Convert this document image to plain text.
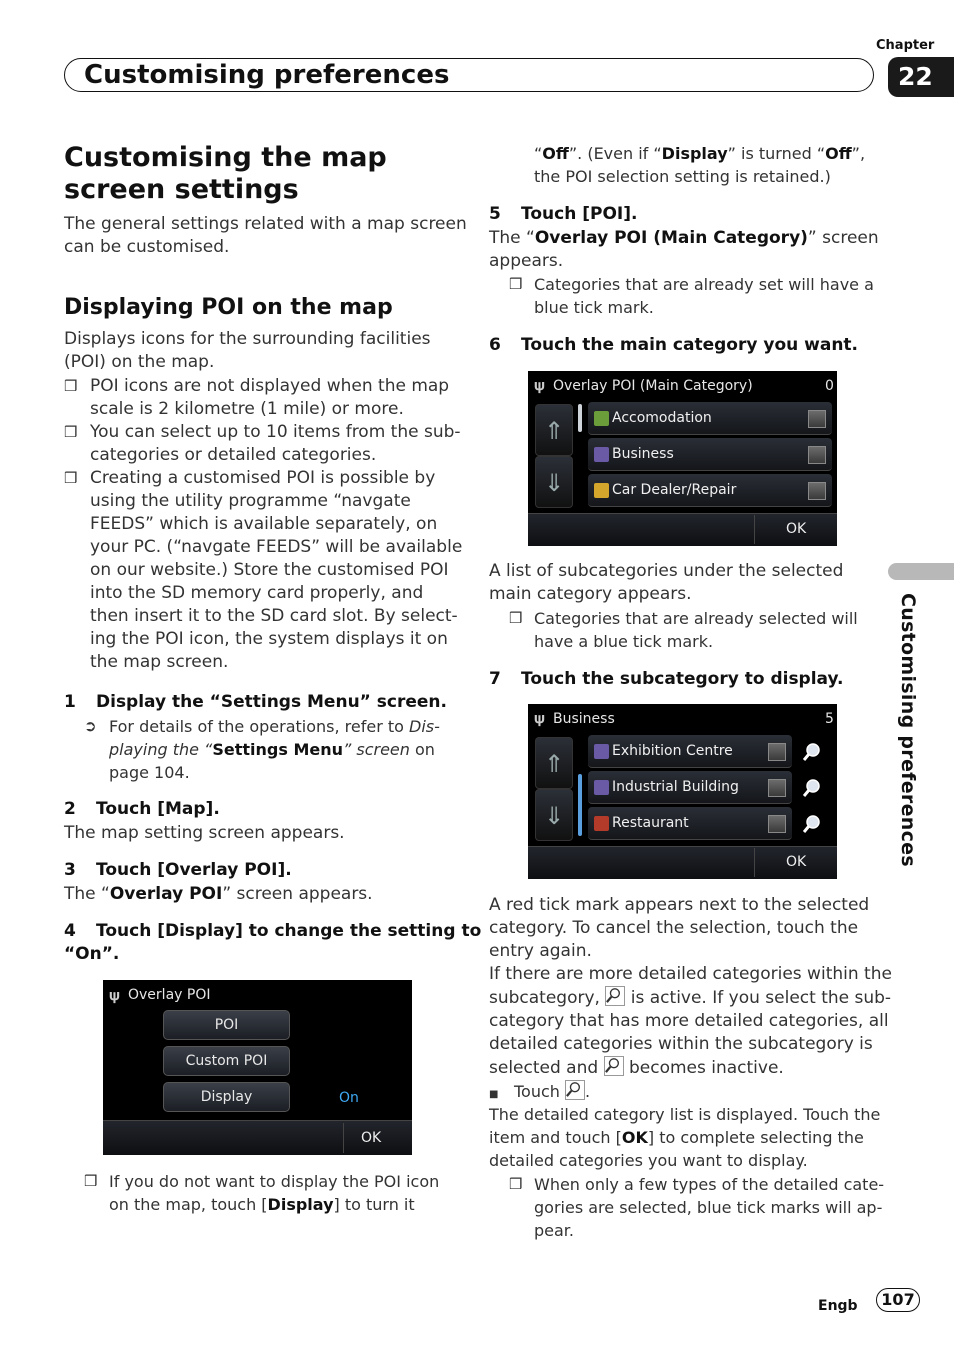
Chapter
22
Customising preferences
Customising preferences
Customising the map
screen settings
The general settings related with a map screen
can be customised.
Displaying POI on the map
Displays icons for the surrounding facilities
(POI) on the map.
❒ POI icons are not displayed when the map
scale is 2 kilometre (1 mile) or more.
❒ You can select up to 10 items from the sub-
categories or detailed categories.
❒ Creating a customised POI is possible by
using the utility programme “navgate
FEEDS” which is available separately, on
your PC. (“navgate FEEDS” will be available
on our website.) Store the customised POI
into the SD memory card properly, and
then insert it to the SD card slot. By select-
ing the POI icon, the system displays it on
the map screen.
1 Display the “Settings Menu” screen.
➲ For details of the operations, refer to Dis-
playing the “Settings Menu” screen on
page 104.
2 Touch [Map].
The map setting screen appears.
3 Touch [Overlay POI].
The “Overlay POI” screen appears.
4 Touch [Display] to change the setting to
“On”.
𝛙 Overlay POI
POI
Custom POI
Display	On
OK
❒ If you do not want to display the POI icon
on the map, touch [Display] to turn it
“Off”. (Even if “Display” is turned “Off”,
the POI selection setting is retained.)
5 Touch [POI].
The “Overlay POI (Main Category)” screen
appears.
❒ Categories that are already set will have a
blue tick mark.
6 Touch the main category you want.
𝛙 Overlay POI (Main Category)	0
⇑
⇓
Accomodation
Business
Car Dealer/Repair
OK
A list of subcategories under the selected
main category appears.
❒ Categories that are already selected will
have a blue tick mark.
7 Touch the subcategory to display.
𝛙 Business	5
⇑
⇓
Exhibition Centre
Industrial Building
Restaurant
OK
A red tick mark appears next to the selected
category. To cancel the selection, touch the
entry again.
If there are more detailed categories within the
subcategory,
is active. If you select the sub-
category that has more detailed categories, all
detailed categories within the subcategory is
selected and
becomes inactive.
■ Touch
.
The detailed category list is displayed. Touch the
item and touch [OK] to complete selecting the
detailed categories you want to display.
❒ When only a few types of the detailed cate-
gories are selected, blue tick marks will ap-
pear.
Engb	107
